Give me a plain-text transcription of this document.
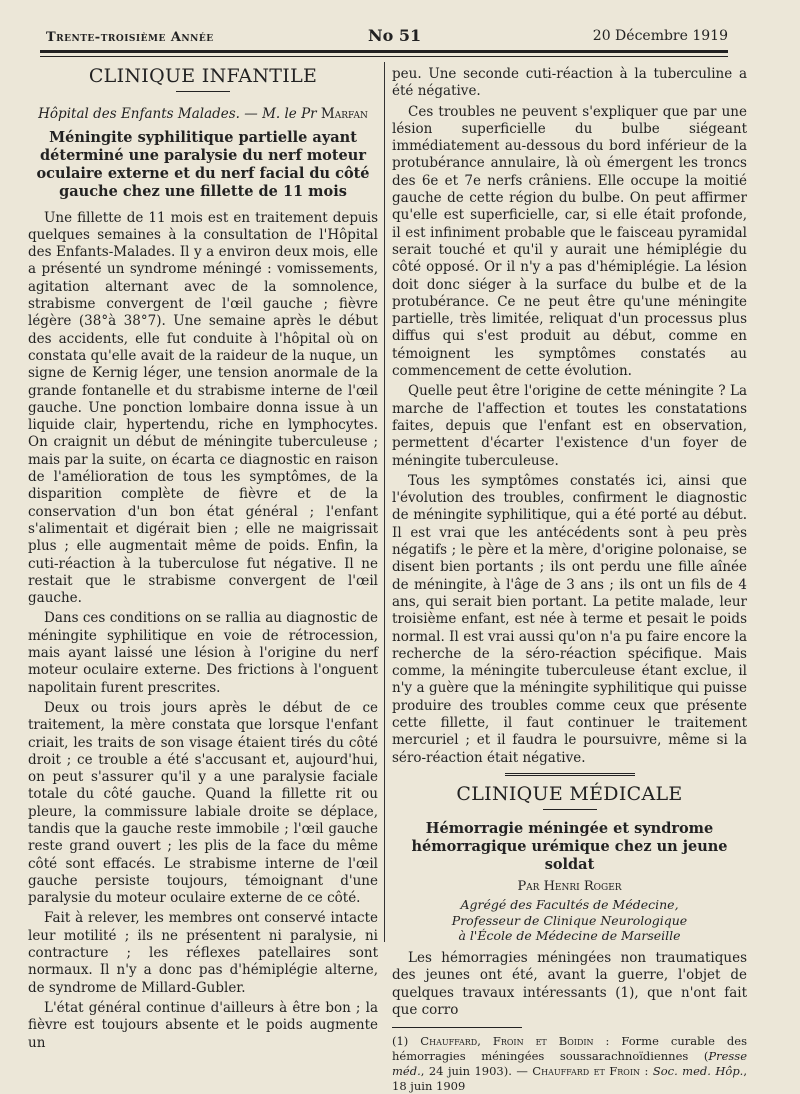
Trente-troisième Année	No 51	20 Décembre 1919
CLINIQUE INFANTILE
Hôpital des Enfants Malades. — M. le Pr Marfan
Méningite syphilitique partielle ayant déterminé une paralysie du nerf moteur oculaire externe et du nerf facial du côté gauche chez une fillette de 11 mois

Une fillette de 11 mois est en traitement depuis quelques semaines à la consultation de l'Hôpital des Enfants-Malades. Il y a environ deux mois, elle a présenté un syndrome méningé : vomissements, agitation alternant avec de la somnolence, strabisme convergent de l'œil gauche ; fièvre légère (38°à 38°7). Une semaine après le début des accidents, elle fut conduite à l'hôpital où on constata qu'elle avait de la raideur de la nuque, un signe de Kernig léger, une tension anormale de la grande fontanelle et du strabisme interne de l'œil gauche. Une ponction lombaire donna issue à un liquide clair, hypertendu, riche en lymphocytes. On craignit un début de méningite tuberculeuse ; mais par la suite, on écarta ce diagnostic en raison de l'amélioration de tous les symptômes, de la disparition complète de fièvre et de la conservation d'un bon état général ; l'enfant s'alimentait et digérait bien ; elle ne maigrissait plus ; elle augmentait même de poids. Enfin, la cuti-réaction à la tuberculose fut négative. Il ne restait que le strabisme convergent de l'œil gauche.

Dans ces conditions on se rallia au diagnostic de méningite syphilitique en voie de rétrocession, mais ayant laissé une lésion à l'origine du nerf moteur oculaire externe. Des frictions à l'onguent napolitain furent prescrites.

Deux ou trois jours après le début de ce traitement, la mère constata que lorsque l'enfant criait, les traits de son visage étaient tirés du côté droit ; ce trouble a été s'accusant et, aujourd'hui, on peut s'assurer qu'il y a une paralysie faciale totale du côté gauche. Quand la fillette rit ou pleure, la commissure labiale droite se déplace, tandis que la gauche reste immobile ; l'œil gauche reste grand ouvert ; les plis de la face du même côté sont effacés. Le strabisme interne de l'œil gauche persiste toujours, témoignant d'une paralysie du moteur oculaire externe de ce côté.

Fait à relever, les membres ont conservé intacte leur motilité ; ils ne présentent ni paralysie, ni contracture ; les réflexes patellaires sont normaux. Il n'y a donc pas d'hémiplégie alterne, de syndrome de Millard-Gubler.

L'état général continue d'ailleurs à être bon ; la fièvre est toujours absente et le poids augmente un

peu. Une seconde cuti-réaction à la tuberculine a été négative.

Ces troubles ne peuvent s'expliquer que par une lésion superficielle du bulbe siégeant immédiatement au-dessous du bord inférieur de la protubérance annulaire, là où émergent les troncs des 6e et 7e nerfs crâniens. Elle occupe la moitié gauche de cette région du bulbe. On peut affirmer qu'elle est superficielle, car, si elle était profonde, il est infiniment probable que le faisceau pyramidal serait touché et qu'il y aurait une hémiplégie du côté opposé. Or il n'y a pas d'hémiplégie. La lésion doit donc siéger à la surface du bulbe et de la protubérance. Ce ne peut être qu'une méningite partielle, très limitée, reliquat d'un processus plus diffus qui s'est produit au début, comme en témoignent les symptômes constatés au commencement de cette évolution.

Quelle peut être l'origine de cette méningite ? La marche de l'affection et toutes les constatations faites, depuis que l'enfant est en observation, permettent d'écarter l'existence d'un foyer de méningite tuberculeuse.

Tous les symptômes constatés ici, ainsi que l'évolution des troubles, confirment le diagnostic de méningite syphilitique, qui a été porté au début. Il est vrai que les antécédents sont à peu près négatifs ; le père et la mère, d'origine polonaise, se disent bien portants ; ils ont perdu une fille aînée de méningite, à l'âge de 3 ans ; ils ont un fils de 4 ans, qui serait bien portant. La petite malade, leur troisième enfant, est née à terme et pesait le poids normal. Il est vrai aussi qu'on n'a pu faire encore la recherche de la séro-réaction spécifique. Mais comme, la méningite tuberculeuse étant exclue, il n'y a guère que la méningite syphilitique qui puisse produire des troubles comme ceux que présente cette fillette, il faut continuer le traitement mercuriel ; et il faudra le poursuivre, même si la séro-réaction était négative.

CLINIQUE MÉDICALE
Hémorragie méningée et syndrome hémorragique urémique chez un jeune soldat
Par Henri Roger
Agrégé des Facultés de Médecine,
Professeur de Clinique Neurologique
à l'École de Médecine de Marseille

Les hémorragies méningées non traumatiques des jeunes ont été, avant la guerre, l'objet de quelques travaux intéressants (1), que n'ont fait que corro

(1) Chauffard, Froin et Boidin : Forme curable des hémorragies méningées soussarachnoïdiennes (Presse méd., 24 juin 1903). — Chauffard et Froin : Soc. med. Hôp., 18 juin 1909
